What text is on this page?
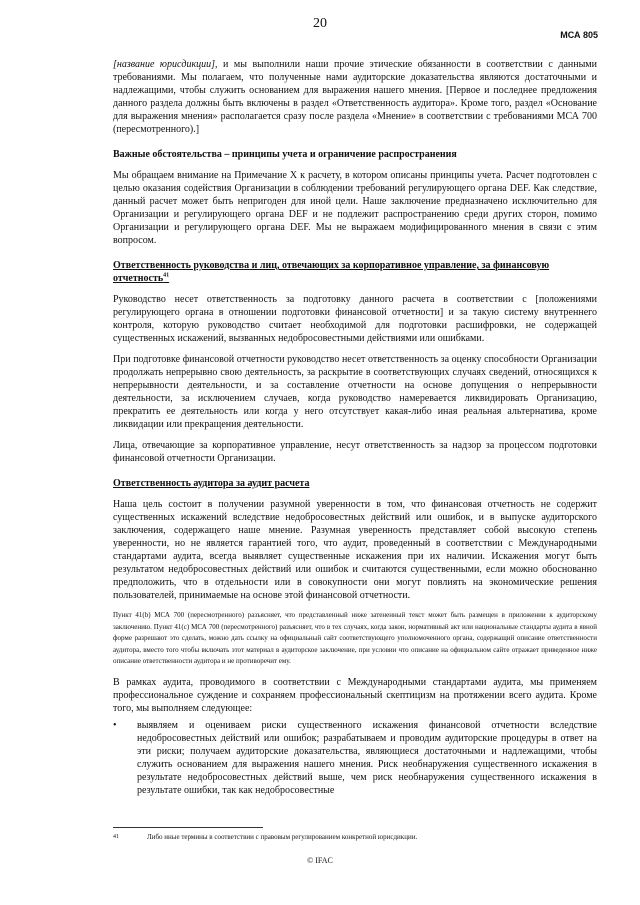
20
МСА 805

[название юрисдикции], и мы выполнили наши прочие этические обязанности в соответствии с данными требованиями. Мы полагаем, что полученные нами аудиторские доказательства являются достаточными и надлежащими, чтобы служить основанием для выражения нашего мнения. [Первое и последнее предложения данного раздела должны быть включены в раздел «Ответственность аудитора». Кроме того, раздел «Основание для выражения мнения» располагается сразу после раздела «Мнение» в соответствии с требованиями МСА 700 (пересмотренного).]

Важные обстоятельства – принципы учета и ограничение распространения

Мы обращаем внимание на Примечание X к расчету, в котором описаны принципы учета. Расчет подготовлен с целью оказания содействия Организации в соблюдении требований регулирующего органа DEF. Как следствие, данный расчет может быть непригоден для иной цели. Наше заключение предназначено исключительно для Организации и регулирующего органа DEF и не подлежит распространению среди других сторон, помимо Организации и регулирующего органа DEF. Мы не выражаем модифицированного мнения в связи с этим вопросом.

Ответственность руководства и лиц, отвечающих за корпоративное управление, за финансовую отчетность$^{41}$

Руководство несет ответственность за подготовку данного расчета в соответствии с [положениями регулирующего органа в отношении подготовки финансовой отчетности] и за такую систему внутреннего контроля, которую руководство считает необходимой для подготовки расшифровки, не содержащей существенных искажений, вызванных недобросовестными действиями или ошибками.

При подготовке финансовой отчетности руководство несет ответственность за оценку способности Организации продолжать непрерывно свою деятельность, за раскрытие в соответствующих случаях сведений, относящихся к непрерывности деятельности, и за составление отчетности на основе допущения о непрерывности деятельности, за исключением случаев, когда руководство намеревается ликвидировать Организацию, прекратить ее деятельность или когда у него отсутствует какая-либо иная реальная альтернатива, кроме ликвидации или прекращения деятельности.

Лица, отвечающие за корпоративное управление, несут ответственность за надзор за процессом подготовки финансовой отчетности Организации.

Ответственность аудитора за аудит расчета

Наша цель состоит в получении разумной уверенности в том, что финансовая отчетность не содержит существенных искажений вследствие недобросовестных действий или ошибок, и в выпуске аудиторского заключения, содержащего наше мнение. Разумная уверенность представляет собой высокую степень уверенности, но не является гарантией того, что аудит, проведенный в соответствии с Международными стандартами аудита, всегда выявляет существенные искажения при их наличии. Искажения могут быть результатом недобросовестных действий или ошибок и считаются существенными, если можно обоснованно предположить, что в отдельности или в совокупности они могут повлиять на экономические решения пользователей, принимаемые на основе этой финансовой отчетности.

Пункт 41(b) МСА 700 (пересмотренного) разъясняет, что представленный ниже затененный текст может быть размещен в приложении к аудиторскому заключению. Пункт 41(c) МСА 700 (пересмотренного) разъясняет, что в тех случаях, когда закон, нормативный акт или национальные стандарты аудита в явной форме разрешают это сделать, можно дать ссылку на официальный сайт соответствующего уполномоченного органа, содержащий описание ответственности аудитора, вместо того чтобы включать этот материал в аудиторское заключение, при условии что описание на официальном сайте отражает приведенное ниже описание ответственности аудитора и не противоречит ему.

В рамках аудита, проводимого в соответствии с Международными стандартами аудита, мы применяем профессиональное суждение и сохраняем профессиональный скептицизм на протяжении всего аудита. Кроме того, мы выполняем следующее:

•	выявляем и оцениваем риски существенного искажения финансовой отчетности вследствие недобросовестных действий или ошибок; разрабатываем и проводим аудиторские процедуры в ответ на эти риски; получаем аудиторские доказательства, являющиеся достаточными и надлежащими, чтобы служить основанием для выражения нашего мнения. Риск необнаружения существенного искажения в результате недобросовестных действий выше, чем риск необнаружения существенного искажения в результате ошибки, так как недобросовестные

41	Либо иные термины в соответствии с правовым регулированием конкретной юрисдикции.
© IFAC
